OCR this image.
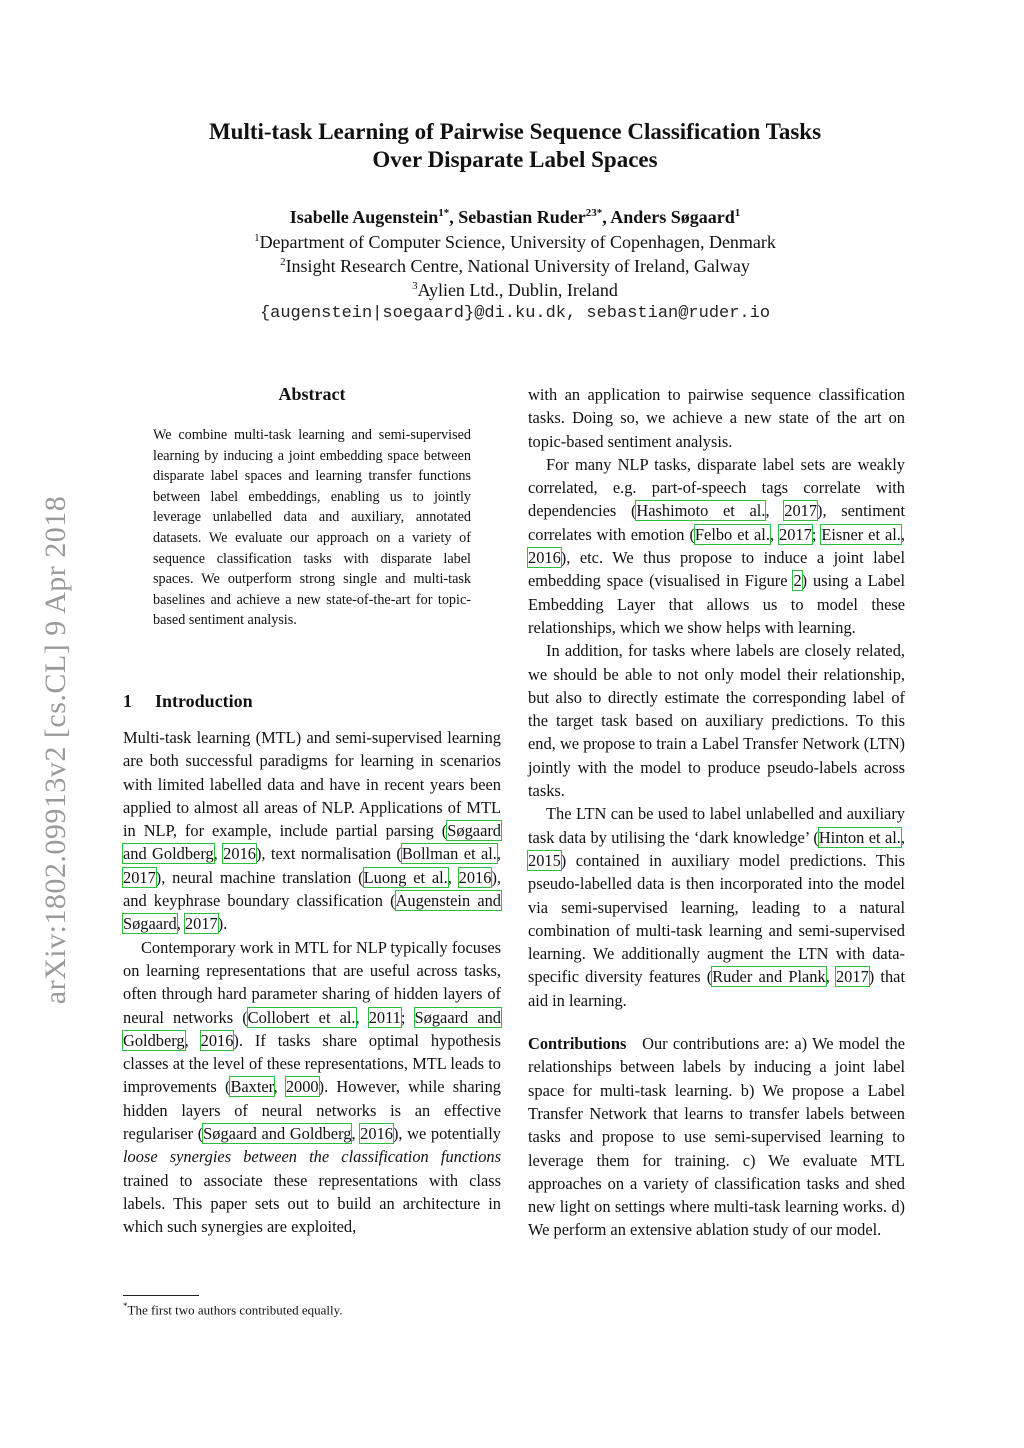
arXiv:1802.09913v2 [cs.CL] 9 Apr 2018
Multi-task Learning of Pairwise Sequence Classification Tasks
Over Disparate Label Spaces
Isabelle Augenstein$^{1*}$, Sebastian Ruder$^{23*}$, Anders Søgaard$^1$
$^1$Department of Computer Science, University of Copenhagen, Denmark
$^2$Insight Research Centre, National University of Ireland, Galway
$^3$Aylien Ltd., Dublin, Ireland
{augenstein|soegaard}@di.ku.dk, sebastian@ruder.io
Abstract
We combine multi-task learning and semi-supervised learning by inducing a joint embedding space between disparate label spaces and learning transfer functions between label embeddings, enabling us to jointly leverage unlabelled data and auxiliary, annotated datasets. We evaluate our approach on a variety of sequence classification tasks with disparate label spaces. We outperform strong single and multi-task baselines and achieve a new state-of-the-art for topic-based sentiment analysis.
1 Introduction

Multi-task learning (MTL) and semi-supervised learning are both successful paradigms for learning in scenarios with limited labelled data and have in recent years been applied to almost all areas of NLP. Applications of MTL in NLP, for example, include partial parsing (Søgaard and Goldberg, 2016), text normalisation (Bollman et al., 2017), neural machine translation (Luong et al., 2016), and keyphrase boundary classification (Augenstein and Søgaard, 2017).

Contemporary work in MTL for NLP typically focuses on learning representations that are useful across tasks, often through hard parameter sharing of hidden layers of neural networks (Collobert et al., 2011; Søgaard and Goldberg, 2016). If tasks share optimal hypothesis classes at the level of these representations, MTL leads to improvements (Baxter, 2000). However, while sharing hidden layers of neural networks is an effective regulariser (Søgaard and Goldberg, 2016), we potentially loose synergies between the classification functions trained to associate these representations with class labels. This paper sets out to build an architecture in which such synergies are exploited,

with an application to pairwise sequence classification tasks. Doing so, we achieve a new state of the art on topic-based sentiment analysis.

For many NLP tasks, disparate label sets are weakly correlated, e.g. part-of-speech tags correlate with dependencies (Hashimoto et al., 2017), sentiment correlates with emotion (Felbo et al., 2017; Eisner et al., 2016), etc. We thus propose to induce a joint label embedding space (visualised in Figure 2) using a Label Embedding Layer that allows us to model these relationships, which we show helps with learning.

In addition, for tasks where labels are closely related, we should be able to not only model their relationship, but also to directly estimate the corresponding label of the target task based on auxiliary predictions. To this end, we propose to train a Label Transfer Network (LTN) jointly with the model to produce pseudo-labels across tasks.

The LTN can be used to label unlabelled and auxiliary task data by utilising the ‘dark knowledge’ (Hinton et al., 2015) contained in auxiliary model predictions. This pseudo-labelled data is then incorporated into the model via semi-supervised learning, leading to a natural combination of multi-task learning and semi-supervised learning. We additionally augment the LTN with data-specific diversity features (Ruder and Plank, 2017) that aid in learning.

Contributions Our contributions are: a) We model the relationships between labels by inducing a joint label space for multi-task learning. b) We propose a Label Transfer Network that learns to transfer labels between tasks and propose to use semi-supervised learning to leverage them for training. c) We evaluate MTL approaches on a variety of classification tasks and shed new light on settings where multi-task learning works. d) We perform an extensive ablation study of our model.

*The first two authors contributed equally.
